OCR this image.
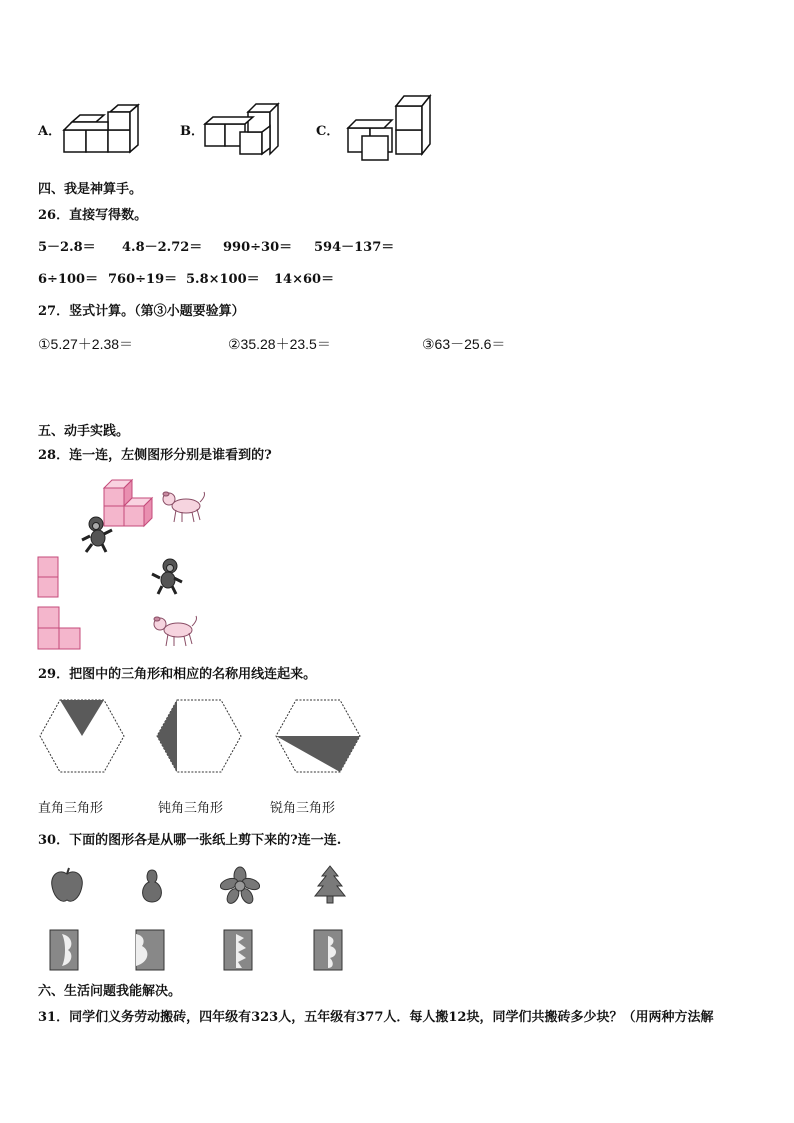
A．	B．	C．
四、我是神算手。
26．直接写得数。
5－2.8＝ 4.8－2.72＝ 990÷30＝ 594－137＝
6÷100＝ 760÷19＝ 5.8×100＝ 14×60＝
27．竖式计算。（第③小题要验算）
①5.27＋2.38＝	②35.28＋23.5＝	③63－25.6＝
五、动手实践。
28．连一连，左侧图形分别是谁看到的?
29．把图中的三角形和相应的名称用线连起来。
直角三角形	钝角三角形	锐角三角形
30．下面的图形各是从哪一张纸上剪下来的?连一连.
六、生活问题我能解决。
31．同学们义务劳动搬砖，四年级有323人，五年级有377人．每人搬12块，同学们共搬砖多少块？（用两种方法解
